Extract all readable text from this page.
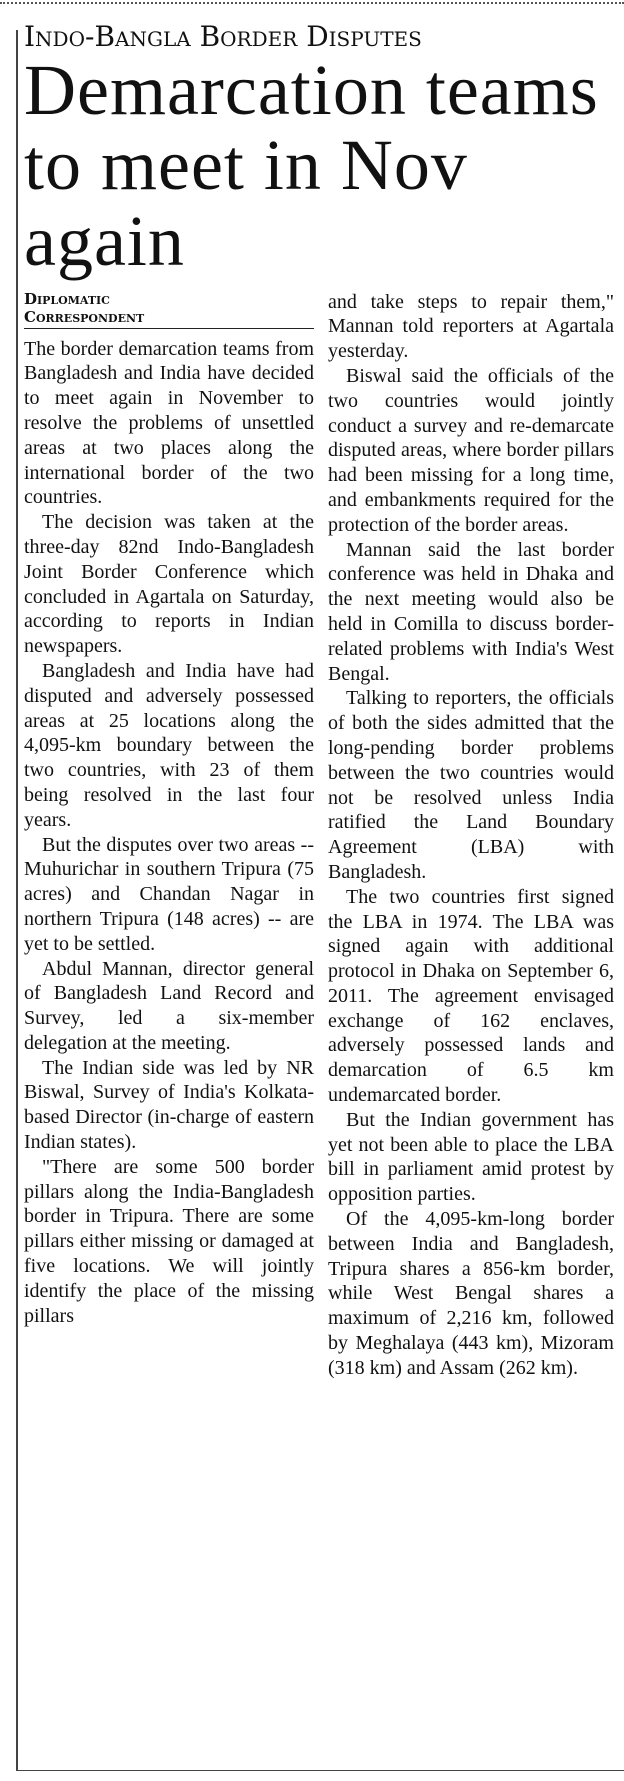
Indo-Bangla Border Disputes
Demarcation teams to meet in Nov again
Diplomatic
Correspondent

The border demarcation teams from Bangladesh and India have decided to meet again in November to resolve the problems of unsettled areas at two places along the international border of the two countries.

The decision was taken at the three-day 82nd Indo-Bangladesh Joint Border Conference which concluded in Agartala on Saturday, according to reports in Indian newspapers.

Bangladesh and India have had disputed and adversely possessed areas at 25 locations along the 4,095-km boundary between the two countries, with 23 of them being resolved in the last four years.

But the disputes over two areas -- Muhurichar in southern Tripura (75 acres) and Chandan Nagar in northern Tripura (148 acres) -- are yet to be settled.

Abdul Mannan, director general of Bangladesh Land Record and Survey, led a six-member delegation at the meeting.

The Indian side was led by NR Biswal, Survey of India's Kolkata-based Director (in-charge of eastern Indian states).

"There are some 500 border pillars along the India-Bangladesh border in Tripura. There are some pillars either missing or damaged at five locations. We will jointly identify the place of the missing pillars

and take steps to repair them," Mannan told reporters at Agartala yesterday.

Biswal said the officials of the two countries would jointly conduct a survey and re-demarcate disputed areas, where border pillars had been missing for a long time, and embankments required for the protection of the border areas.

Mannan said the last border conference was held in Dhaka and the next meeting would also be held in Comilla to discuss border-related problems with India's West Bengal.

Talking to reporters, the officials of both the sides admitted that the long-pending border problems between the two countries would not be resolved unless India ratified the Land Boundary Agreement (LBA) with Bangladesh.

The two countries first signed the LBA in 1974. The LBA was signed again with additional protocol in Dhaka on September 6, 2011. The agreement envisaged exchange of 162 enclaves, adversely possessed lands and demarcation of 6.5 km undemarcated border.

But the Indian government has yet not been able to place the LBA bill in parliament amid protest by opposition parties.

Of the 4,095-km-long border between India and Bangladesh, Tripura shares a 856-km border, while West Bengal shares a maximum of 2,216 km, followed by Meghalaya (443 km), Mizoram (318 km) and Assam (262 km).
